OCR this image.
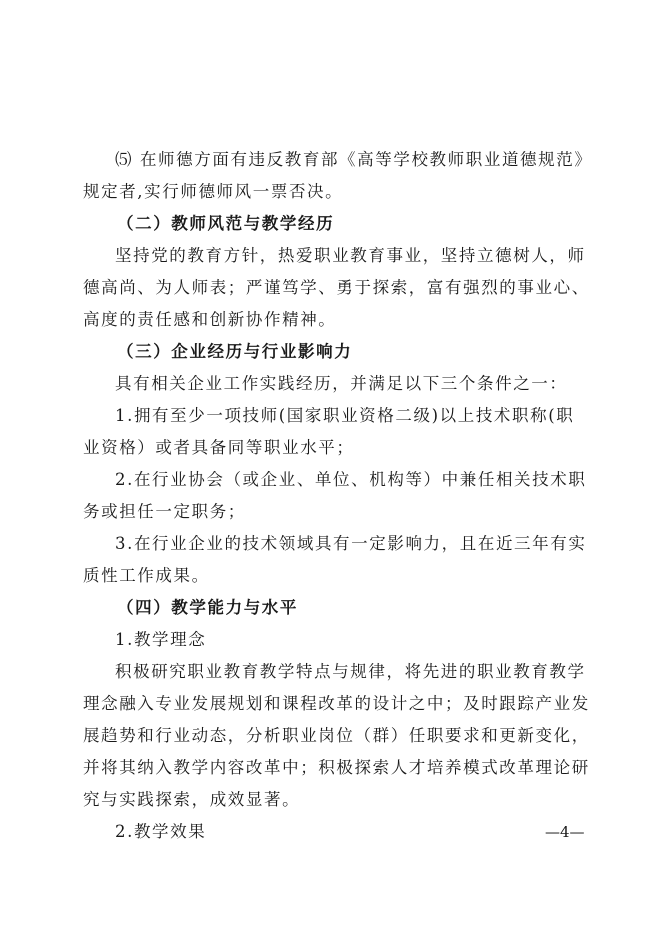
⑸ 在师德方面有违反教育部《高等学校教师职业道德规范》
规定者,实行师德师风一票否决。
（二）教师风范与教学经历
坚持党的教育方针，热爱职业教育事业，坚持立德树人，师
德高尚、为人师表；严谨笃学、勇于探索，富有强烈的事业心、
高度的责任感和创新协作精神。
（三）企业经历与行业影响力
具有相关企业工作实践经历，并满足以下三个条件之一：
1.拥有至少一项技师(国家职业资格二级)以上技术职称(职
业资格）或者具备同等职业水平；
2.在行业协会（或企业、单位、机构等）中兼任相关技术职
务或担任一定职务；
3.在行业企业的技术领域具有一定影响力，且在近三年有实
质性工作成果。
（四）教学能力与水平
1.教学理念
积极研究职业教育教学特点与规律，将先进的职业教育教学
理念融入专业发展规划和课程改革的设计之中；及时跟踪产业发
展趋势和行业动态，分析职业岗位（群）任职要求和更新变化，
并将其纳入教学内容改革中；积极探索人才培养模式改革理论研
究与实践探索，成效显著。
2.教学效果	—4—
